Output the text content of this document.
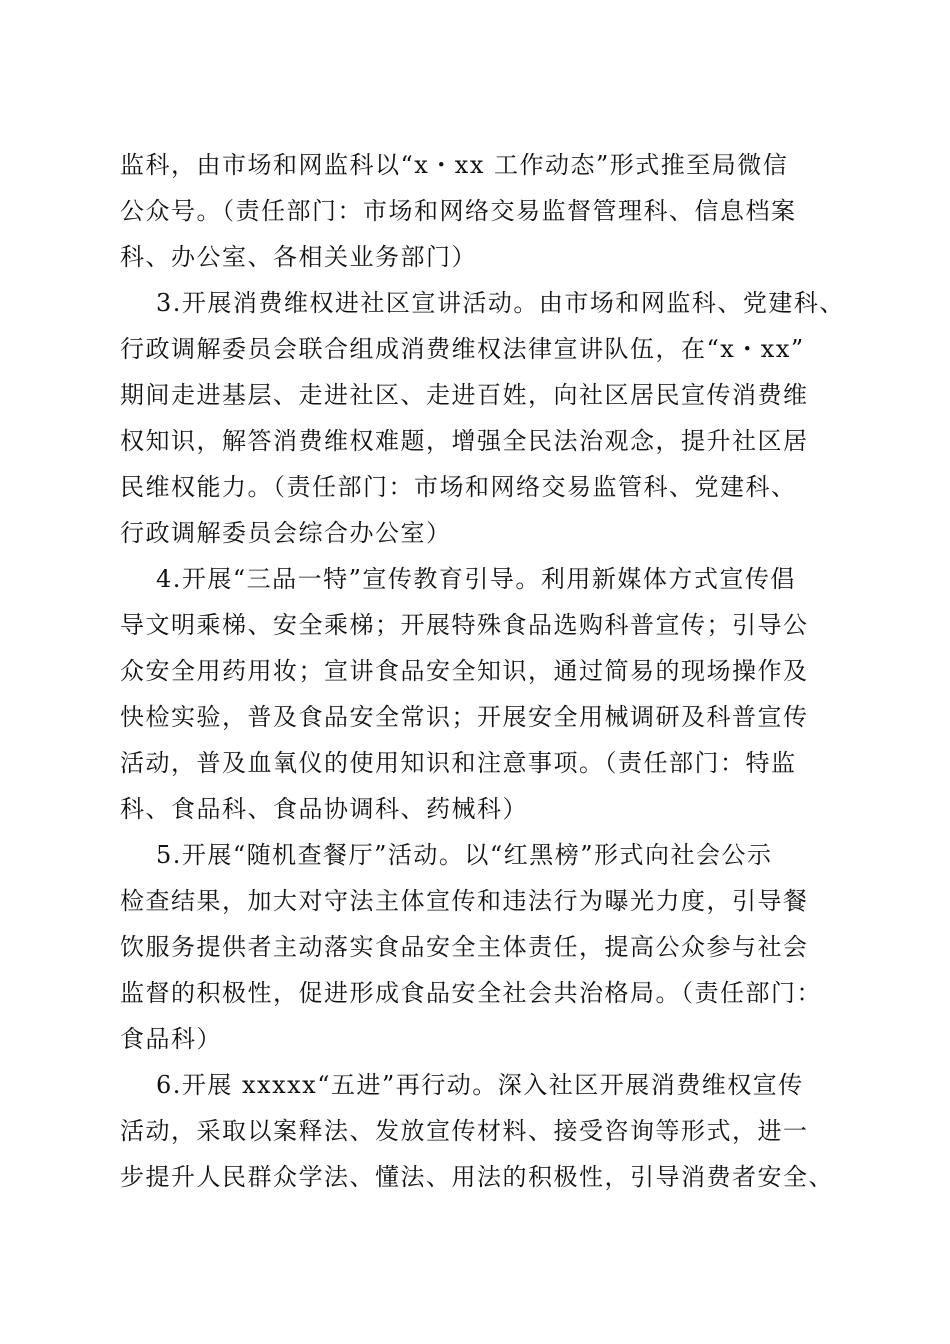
监科，由市场和网监科以“x・xx 工作动态”形式推至局微信
公众号。（责任部门：市场和网络交易监督管理科、信息档案
科、办公室、各相关业务部门）
3.开展消费维权进社区宣讲活动。由市场和网监科、党建科、
行政调解委员会联合组成消费维权法律宣讲队伍，在“x・xx”
期间走进基层、走进社区、走进百姓，向社区居民宣传消费维
权知识，解答消费维权难题，增强全民法治观念，提升社区居
民维权能力。（责任部门：市场和网络交易监管科、党建科、
行政调解委员会综合办公室）
4.开展“三品一特”宣传教育引导。利用新媒体方式宣传倡
导文明乘梯、安全乘梯；开展特殊食品选购科普宣传；引导公
众安全用药用妆；宣讲食品安全知识，通过简易的现场操作及
快检实验，普及食品安全常识；开展安全用械调研及科普宣传
活动，普及血氧仪的使用知识和注意事项。（责任部门：特监
科、食品科、食品协调科、药械科）
5.开展“随机查餐厅”活动。以“红黑榜”形式向社会公示
检查结果，加大对守法主体宣传和违法行为曝光力度，引导餐
饮服务提供者主动落实食品安全主体责任，提高公众参与社会
监督的积极性，促进形成食品安全社会共治格局。（责任部门：
食品科）
6.开展 xxxxx“五进”再行动。深入社区开展消费维权宣传
活动，采取以案释法、发放宣传材料、接受咨询等形式，进一
步提升人民群众学法、懂法、用法的积极性，引导消费者安全、
